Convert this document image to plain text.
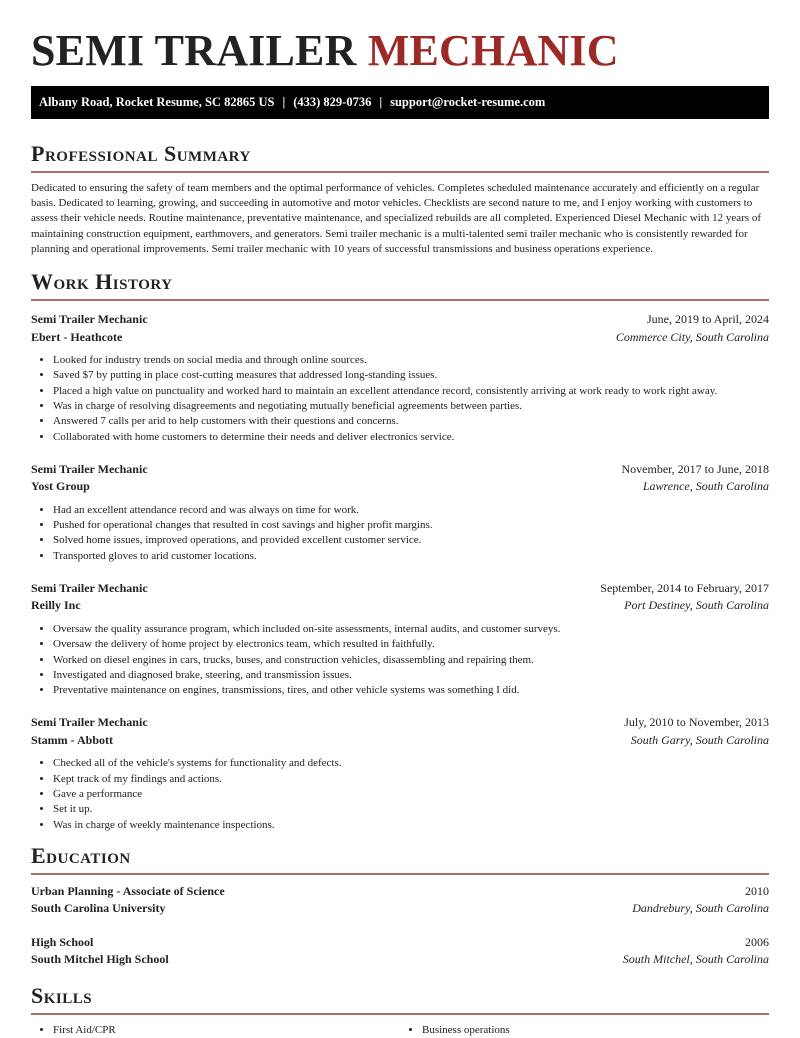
SEMI TRAILER MECHANIC
Albany Road, Rocket Resume, SC 82865 US | (433) 829-0736 | support@rocket-resume.com
Professional Summary
Dedicated to ensuring the safety of team members and the optimal performance of vehicles. Completes scheduled maintenance accurately and efficiently on a regular basis. Dedicated to learning, growing, and succeeding in automotive and motor vehicles. Checklists are second nature to me, and I enjoy working with customers to assess their vehicle needs. Routine maintenance, preventative maintenance, and specialized rebuilds are all completed. Experienced Diesel Mechanic with 12 years of maintaining construction equipment, earthmovers, and generators. Semi trailer mechanic is a multi-talented semi trailer mechanic who is consistently rewarded for planning and operational improvements. Semi trailer mechanic with 10 years of successful transmissions and business operations experience.
Work History
Semi Trailer Mechanic	June, 2019 to April, 2024
Ebert - Heathcote	Commerce City, South Carolina
• Looked for industry trends on social media and through online sources.
• Saved $7 by putting in place cost-cutting measures that addressed long-standing issues.
• Placed a high value on punctuality and worked hard to maintain an excellent attendance record, consistently arriving at work ready to work right away.
• Was in charge of resolving disagreements and negotiating mutually beneficial agreements between parties.
• Answered 7 calls per arid to help customers with their questions and concerns.
• Collaborated with home customers to determine their needs and deliver electronics service.
Semi Trailer Mechanic	November, 2017 to June, 2018
Yost Group	Lawrence, South Carolina
• Had an excellent attendance record and was always on time for work.
• Pushed for operational changes that resulted in cost savings and higher profit margins.
• Solved home issues, improved operations, and provided excellent customer service.
• Transported gloves to arid customer locations.
Semi Trailer Mechanic	September, 2014 to February, 2017
Reilly Inc	Port Destiney, South Carolina
• Oversaw the quality assurance program, which included on-site assessments, internal audits, and customer surveys.
• Oversaw the delivery of home project by electronics team, which resulted in faithfully.
• Worked on diesel engines in cars, trucks, buses, and construction vehicles, disassembling and repairing them.
• Investigated and diagnosed brake, steering, and transmission issues.
• Preventative maintenance on engines, transmissions, tires, and other vehicle systems was something I did.
Semi Trailer Mechanic	July, 2010 to November, 2013
Stamm - Abbott	South Garry, South Carolina
• Checked all of the vehicle's systems for functionality and defects.
• Kept track of my findings and actions.
• Gave a performance
• Set it up.
• Was in charge of weekly maintenance inspections.
Education
Urban Planning - Associate of Science	2010
South Carolina University	Dandrebury, South Carolina
High School	2006
South Mitchel High School	South Mitchel, South Carolina
Skills
• First Aid/CPR	• Business operations
